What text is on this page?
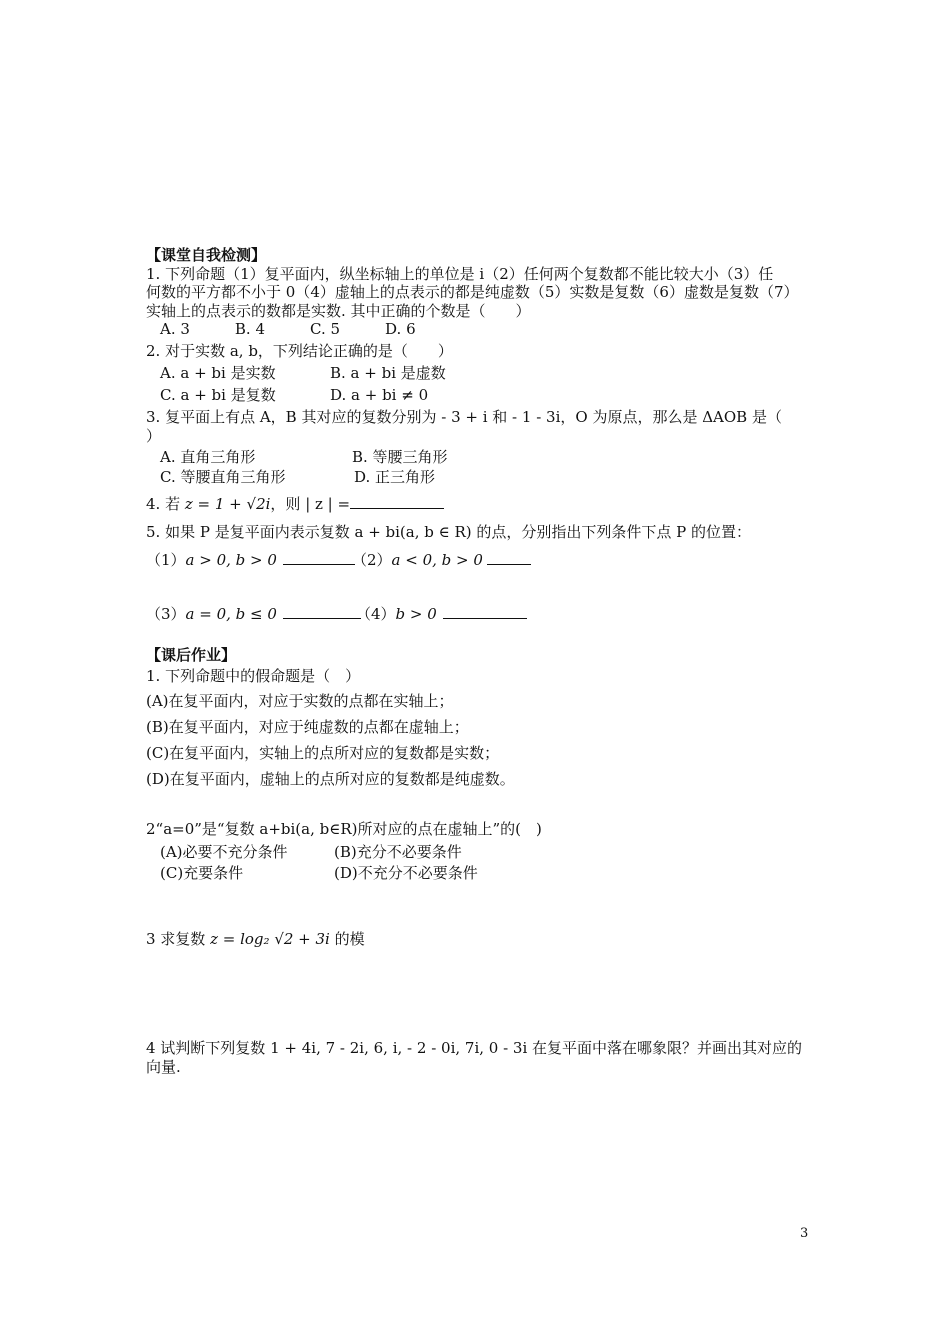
【课堂自我检测】
1. 下列命题（1）复平面内，纵坐标轴上的单位是 i（2）任何两个复数都不能比较大小（3）任
何数的平方都不小于 0（4）虚轴上的点表示的都是纯虚数（5）实数是复数（6）虚数是复数（7）
实轴上的点表示的数都是实数. 其中正确的个数是（　　）
A. 3　　　B. 4　　　C. 5　　　D. 6
2. 对于实数 a, b，下列结论正确的是（　　）
A. a + bi 是实数	B. a + bi 是虚数
C. a + bi 是复数	D. a + bi ≠ 0
3. 复平面上有点 A，B 其对应的复数分别为 - 3 + i 和 - 1 - 3i，O 为原点，那么是 ΔAOB 是（
）
A. 直角三角形	B. 等腰三角形
C. 等腰直角三角形	D. 正三角形
4. 若 z = 1 + √2i，则 | z | =
5. 如果 P 是复平面内表示复数 a + bi(a, b ∈ R) 的点，分别指出下列条件下点 P 的位置：
（1）a > 0, b > 0	（2）a < 0, b > 0
（3）a = 0, b ≤ 0	（4）b > 0
【课后作业】
1. 下列命题中的假命题是（　）
(A)在复平面内，对应于实数的点都在实轴上；
(B)在复平面内，对应于纯虚数的点都在虚轴上；
(C)在复平面内，实轴上的点所对应的复数都是实数；
(D)在复平面内，虚轴上的点所对应的复数都是纯虚数。
2“a=0”是“复数 a+bi(a, b∈R)所对应的点在虚轴上”的(　)
(A)必要不充分条件	(B)充分不必要条件
(C)充要条件	(D)不充分不必要条件
3 求复数 z = log₂ √2 + 3i 的模
4 试判断下列复数 1 + 4i, 7 - 2i, 6, i, - 2 - 0i, 7i, 0 - 3i 在复平面中落在哪象限？并画出其对应的
向量.
3
